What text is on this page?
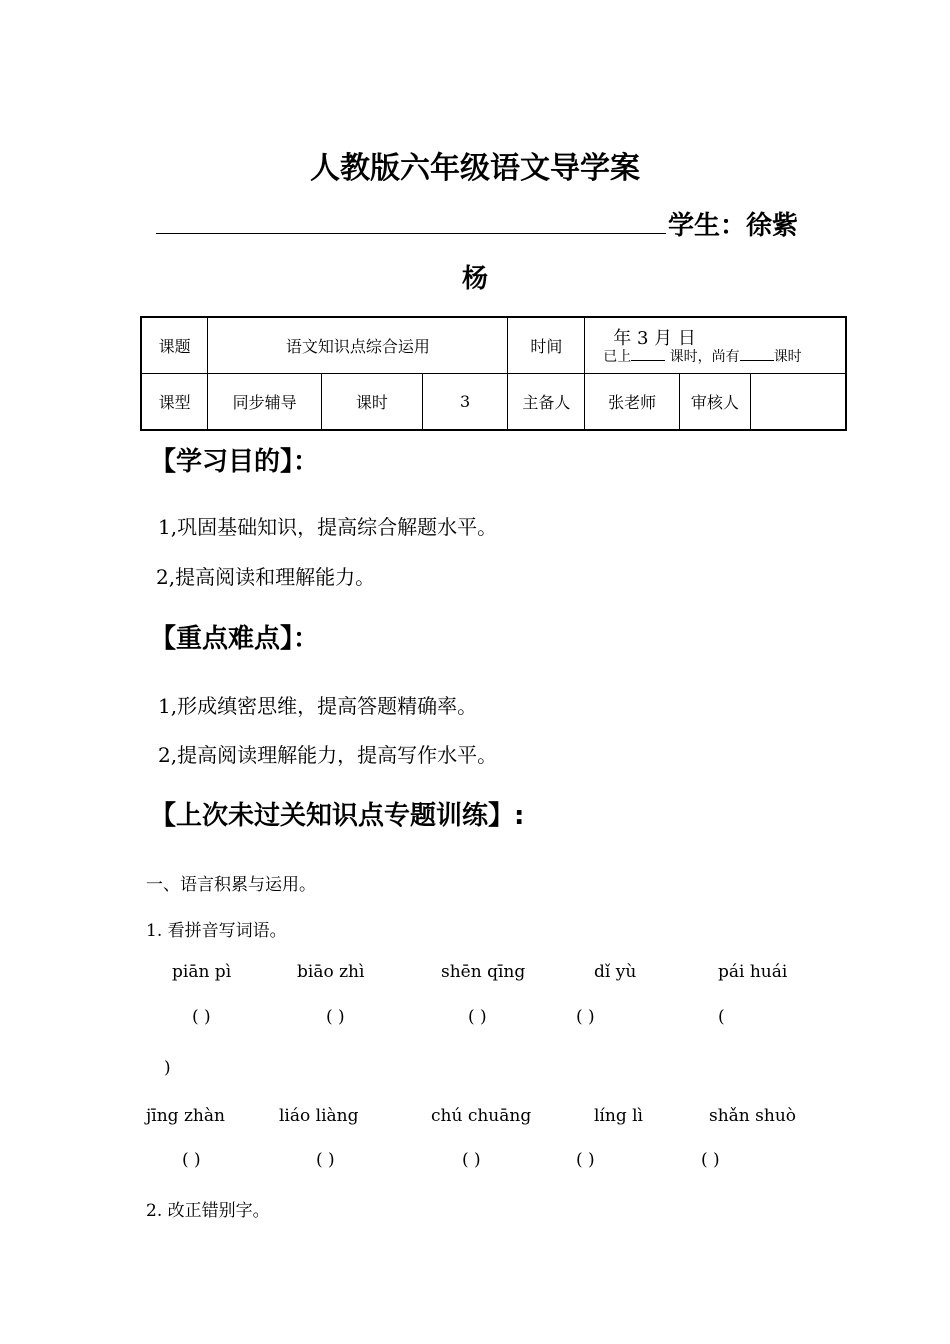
人教版六年级语文导学案
学生：徐紫
杨
课题	语文知识点综合运用			时间	年 3 月 日
已上 课时，尚有 课时		

课型	同步辅导	课时	3	主备人	张老师	审核人	
【学习目的】：
1,巩固基础知识，提高综合解题水平。
2,提高阅读和理解能力。
【重点难点】：
1,形成缜密思维，提高答题精确率。
2,提高阅读理解能力，提高写作水平。
【上次未过关知识点专题训练】:
一、语言积累与运用。
1. 看拼音写词语。
piān pì	biāo zhì	shēn qīng	dǐ yù	pái huái
( )	( )	( )	( )	(
)
jīng zhàn	liáo liàng	chú chuāng	líng lì	shǎn shuò
( )	( )	( )	( )	( )
2. 改正错别字。
